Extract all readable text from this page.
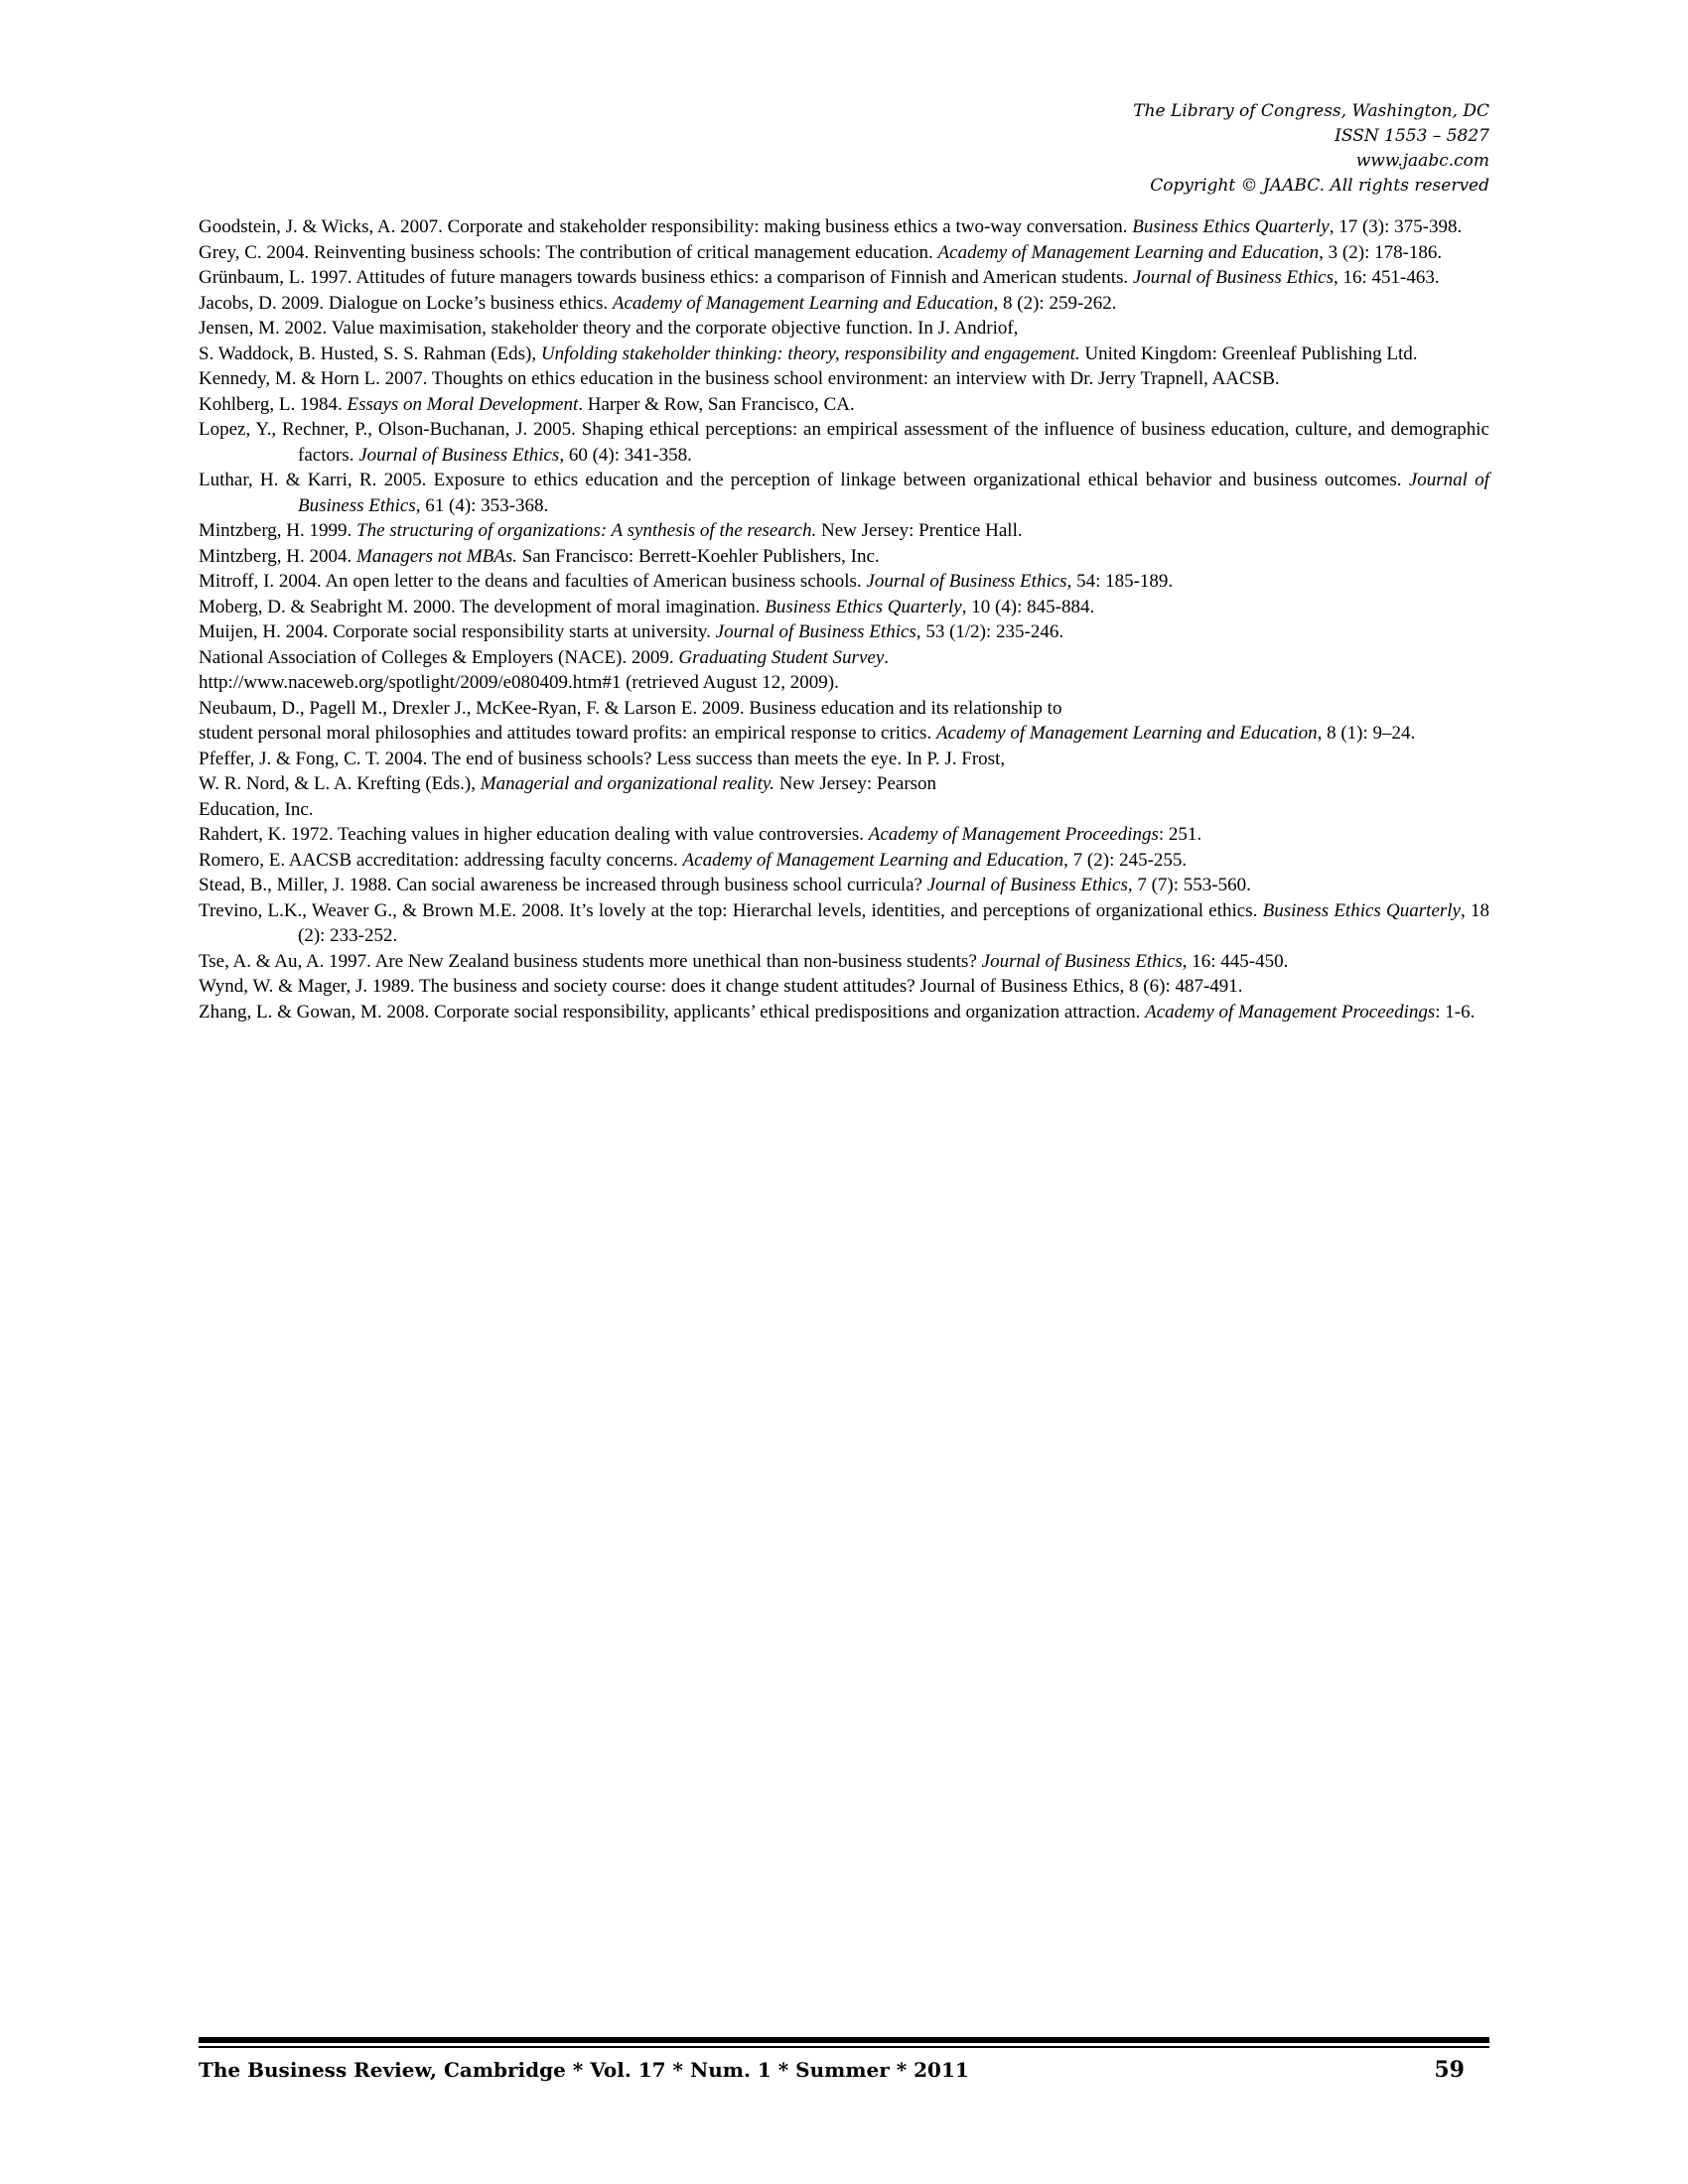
The Library of Congress, Washington, DC
ISSN 1553 – 5827
www.jaabc.com
Copyright © JAABC. All rights reserved
Goodstein, J. & Wicks, A. 2007. Corporate and stakeholder responsibility: making business ethics a two-way conversation. Business Ethics Quarterly, 17 (3): 375-398.
Grey, C. 2004. Reinventing business schools: The contribution of critical management education. Academy of Management Learning and Education, 3 (2): 178-186.
Grünbaum, L. 1997. Attitudes of future managers towards business ethics: a comparison of Finnish and American students. Journal of Business Ethics, 16: 451-463.
Jacobs, D. 2009. Dialogue on Locke’s business ethics. Academy of Management Learning and Education, 8 (2): 259-262.
Jensen, M. 2002. Value maximisation, stakeholder theory and the corporate objective function. In J. Andriof,
S. Waddock, B. Husted, S. S. Rahman (Eds), Unfolding stakeholder thinking: theory, responsibility and engagement. United Kingdom: Greenleaf Publishing Ltd.
Kennedy, M. & Horn L. 2007. Thoughts on ethics education in the business school environment: an interview with Dr. Jerry Trapnell, AACSB.
Kohlberg, L. 1984. Essays on Moral Development. Harper & Row, San Francisco, CA.
Lopez, Y., Rechner, P., Olson-Buchanan, J. 2005. Shaping ethical perceptions: an empirical assessment of the influence of business education, culture, and demographic factors. Journal of Business Ethics, 60 (4): 341-358.
Luthar, H. & Karri, R. 2005. Exposure to ethics education and the perception of linkage between organizational ethical behavior and business outcomes. Journal of Business Ethics, 61 (4): 353-368.
Mintzberg, H. 1999. The structuring of organizations: A synthesis of the research. New Jersey: Prentice Hall.
Mintzberg, H. 2004. Managers not MBAs. San Francisco: Berrett-Koehler Publishers, Inc.
Mitroff, I. 2004. An open letter to the deans and faculties of American business schools. Journal of Business Ethics, 54: 185-189.
Moberg, D. & Seabright M. 2000. The development of moral imagination. Business Ethics Quarterly, 10 (4): 845-884.
Muijen, H. 2004. Corporate social responsibility starts at university. Journal of Business Ethics, 53 (1/2): 235-246.
National Association of Colleges & Employers (NACE). 2009. Graduating Student Survey.
http://www.naceweb.org/spotlight/2009/e080409.htm#1 (retrieved August 12, 2009).
Neubaum, D., Pagell M., Drexler J., McKee-Ryan, F. & Larson E. 2009. Business education and its relationship to
student personal moral philosophies and attitudes toward profits: an empirical response to critics. Academy of Management Learning and Education, 8 (1): 9–24.
Pfeffer, J. & Fong, C. T. 2004. The end of business schools? Less success than meets the eye. In P. J. Frost,
W. R. Nord, & L. A. Krefting (Eds.), Managerial and organizational reality. New Jersey: Pearson
Education, Inc.
Rahdert, K. 1972. Teaching values in higher education dealing with value controversies. Academy of Management Proceedings: 251.
Romero, E. AACSB accreditation: addressing faculty concerns. Academy of Management Learning and Education, 7 (2): 245-255.
Stead, B., Miller, J. 1988. Can social awareness be increased through business school curricula? Journal of Business Ethics, 7 (7): 553-560.
Trevino, L.K., Weaver G., & Brown M.E. 2008. It’s lovely at the top: Hierarchal levels, identities, and perceptions of organizational ethics. Business Ethics Quarterly, 18 (2): 233-252.
Tse, A. & Au, A. 1997. Are New Zealand business students more unethical than non-business students? Journal of Business Ethics, 16: 445-450.
Wynd, W. & Mager, J. 1989. The business and society course: does it change student attitudes? Journal of Business Ethics, 8 (6): 487-491.
Zhang, L. & Gowan, M. 2008. Corporate social responsibility, applicants’ ethical predispositions and organization attraction. Academy of Management Proceedings: 1-6.
The Business Review, Cambridge * Vol. 17 * Num. 1 * Summer * 2011	59
